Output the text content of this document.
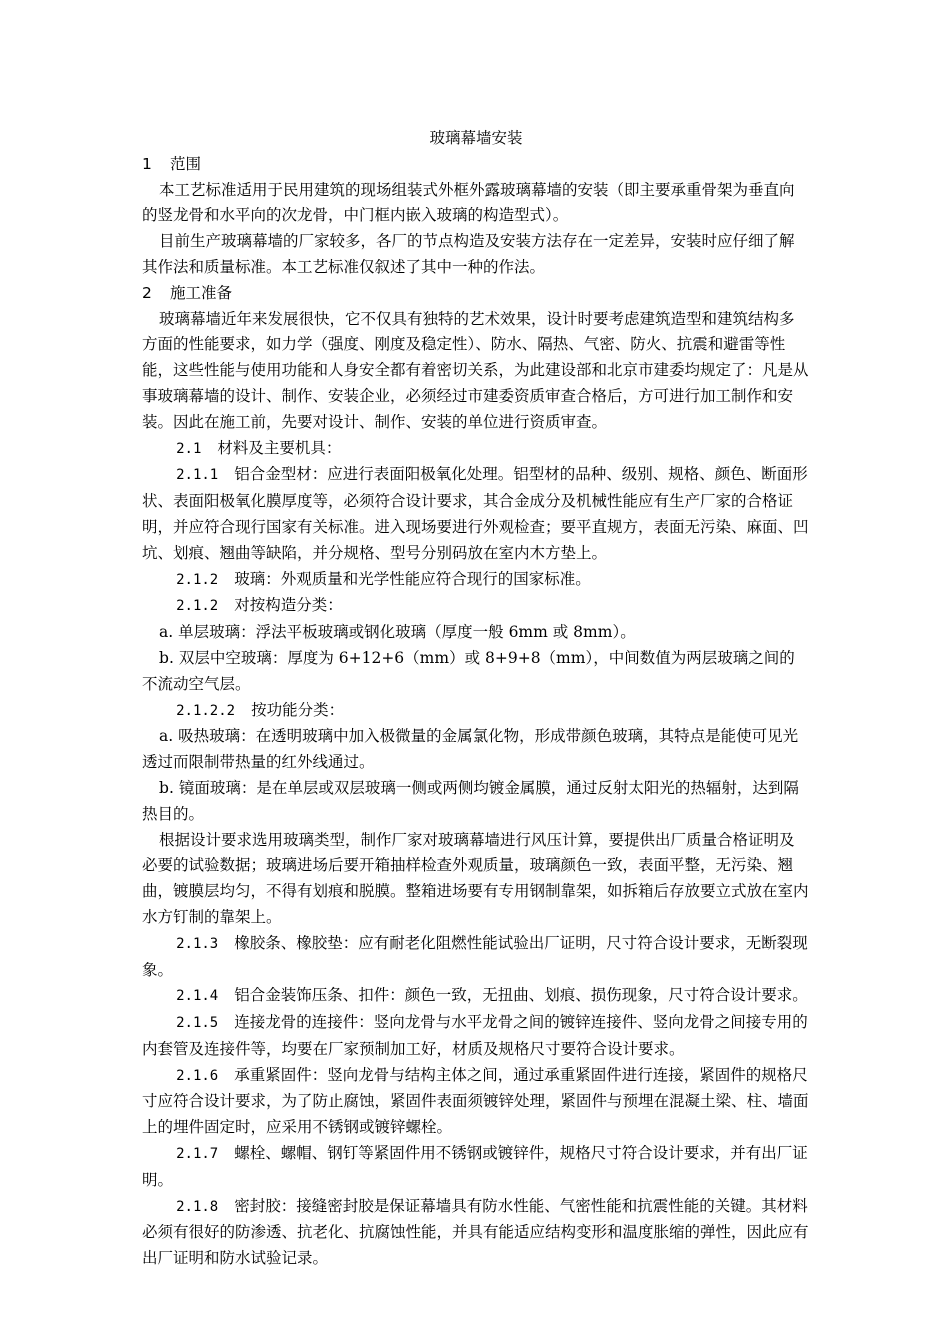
玻璃幕墙安装

1 范围

本工艺标准适用于民用建筑的现场组装式外框外露玻璃幕墙的安装（即主要承重骨架为垂直向的竖龙骨和水平向的次龙骨，中门框内嵌入玻璃的构造型式）。

目前生产玻璃幕墙的厂家较多，各厂的节点构造及安装方法存在一定差异，安装时应仔细了解其作法和质量标准。本工艺标准仅叙述了其中一种的作法。

2 施工准备

玻璃幕墙近年来发展很快，它不仅具有独特的艺术效果，设计时要考虑建筑造型和建筑结构多方面的性能要求，如力学（强度、刚度及稳定性）、防水、隔热、气密、防火、抗震和避雷等性能，这些性能与使用功能和人身安全都有着密切关系，为此建设部和北京市建委均规定了：凡是从事玻璃幕墙的设计、制作、安装企业，必须经过市建委资质审查合格后，方可进行加工制作和安装。因此在施工前，先要对设计、制作、安装的单位进行资质审查。

2.1 材料及主要机具：

2.1.1 铝合金型材：应进行表面阳极氧化处理。铝型材的品种、级别、规格、颜色、断面形状、表面阳极氧化膜厚度等，必须符合设计要求，其合金成分及机械性能应有生产厂家的合格证明，并应符合现行国家有关标准。进入现场要进行外观检查；要平直规方，表面无污染、麻面、凹坑、划痕、翘曲等缺陷，并分规格、型号分别码放在室内木方垫上。

2.1.2 玻璃：外观质量和光学性能应符合现行的国家标准。

2.1.2 对按构造分类：

a. 单层玻璃：浮法平板玻璃或钢化玻璃（厚度一般 6mm 或 8mm）。

b. 双层中空玻璃：厚度为 6+12+6（mm）或 8+9+8（mm），中间数值为两层玻璃之间的不流动空气层。

2.1.2.2 按功能分类：

a. 吸热玻璃：在透明玻璃中加入极微量的金属氯化物，形成带颜色玻璃，其特点是能使可见光透过而限制带热量的红外线通过。

b. 镜面玻璃：是在单层或双层玻璃一侧或两侧均镀金属膜，通过反射太阳光的热辐射，达到隔热目的。

根据设计要求选用玻璃类型，制作厂家对玻璃幕墙进行风压计算，要提供出厂质量合格证明及必要的试验数据；玻璃进场后要开箱抽样检查外观质量，玻璃颜色一致，表面平整，无污染、翘曲，镀膜层均匀，不得有划痕和脱膜。整箱进场要有专用钢制靠架，如拆箱后存放要立式放在室内水方钉制的靠架上。

2.1.3 橡胶条、橡胶垫：应有耐老化阻燃性能试验出厂证明，尺寸符合设计要求，无断裂现象。

2.1.4 铝合金装饰压条、扣件：颜色一致，无扭曲、划痕、损伤现象，尺寸符合设计要求。

2.1.5 连接龙骨的连接件：竖向龙骨与水平龙骨之间的镀锌连接件、竖向龙骨之间接专用的内套管及连接件等，均要在厂家预制加工好，材质及规格尺寸要符合设计要求。

2.1.6 承重紧固件：竖向龙骨与结构主体之间，通过承重紧固件进行连接，紧固件的规格尺寸应符合设计要求，为了防止腐蚀，紧固件表面须镀锌处理，紧固件与预埋在混凝土梁、柱、墙面上的埋件固定时，应采用不锈钢或镀锌螺栓。

2.1.7 螺栓、螺帽、钢钉等紧固件用不锈钢或镀锌件，规格尺寸符合设计要求，并有出厂证明。

2.1.8 密封胶：接缝密封胶是保证幕墙具有防水性能、气密性能和抗震性能的关键。其材料必须有很好的防渗透、抗老化、抗腐蚀性能，并具有能适应结构变形和温度胀缩的弹性，因此应有出厂证明和防水试验记录。
